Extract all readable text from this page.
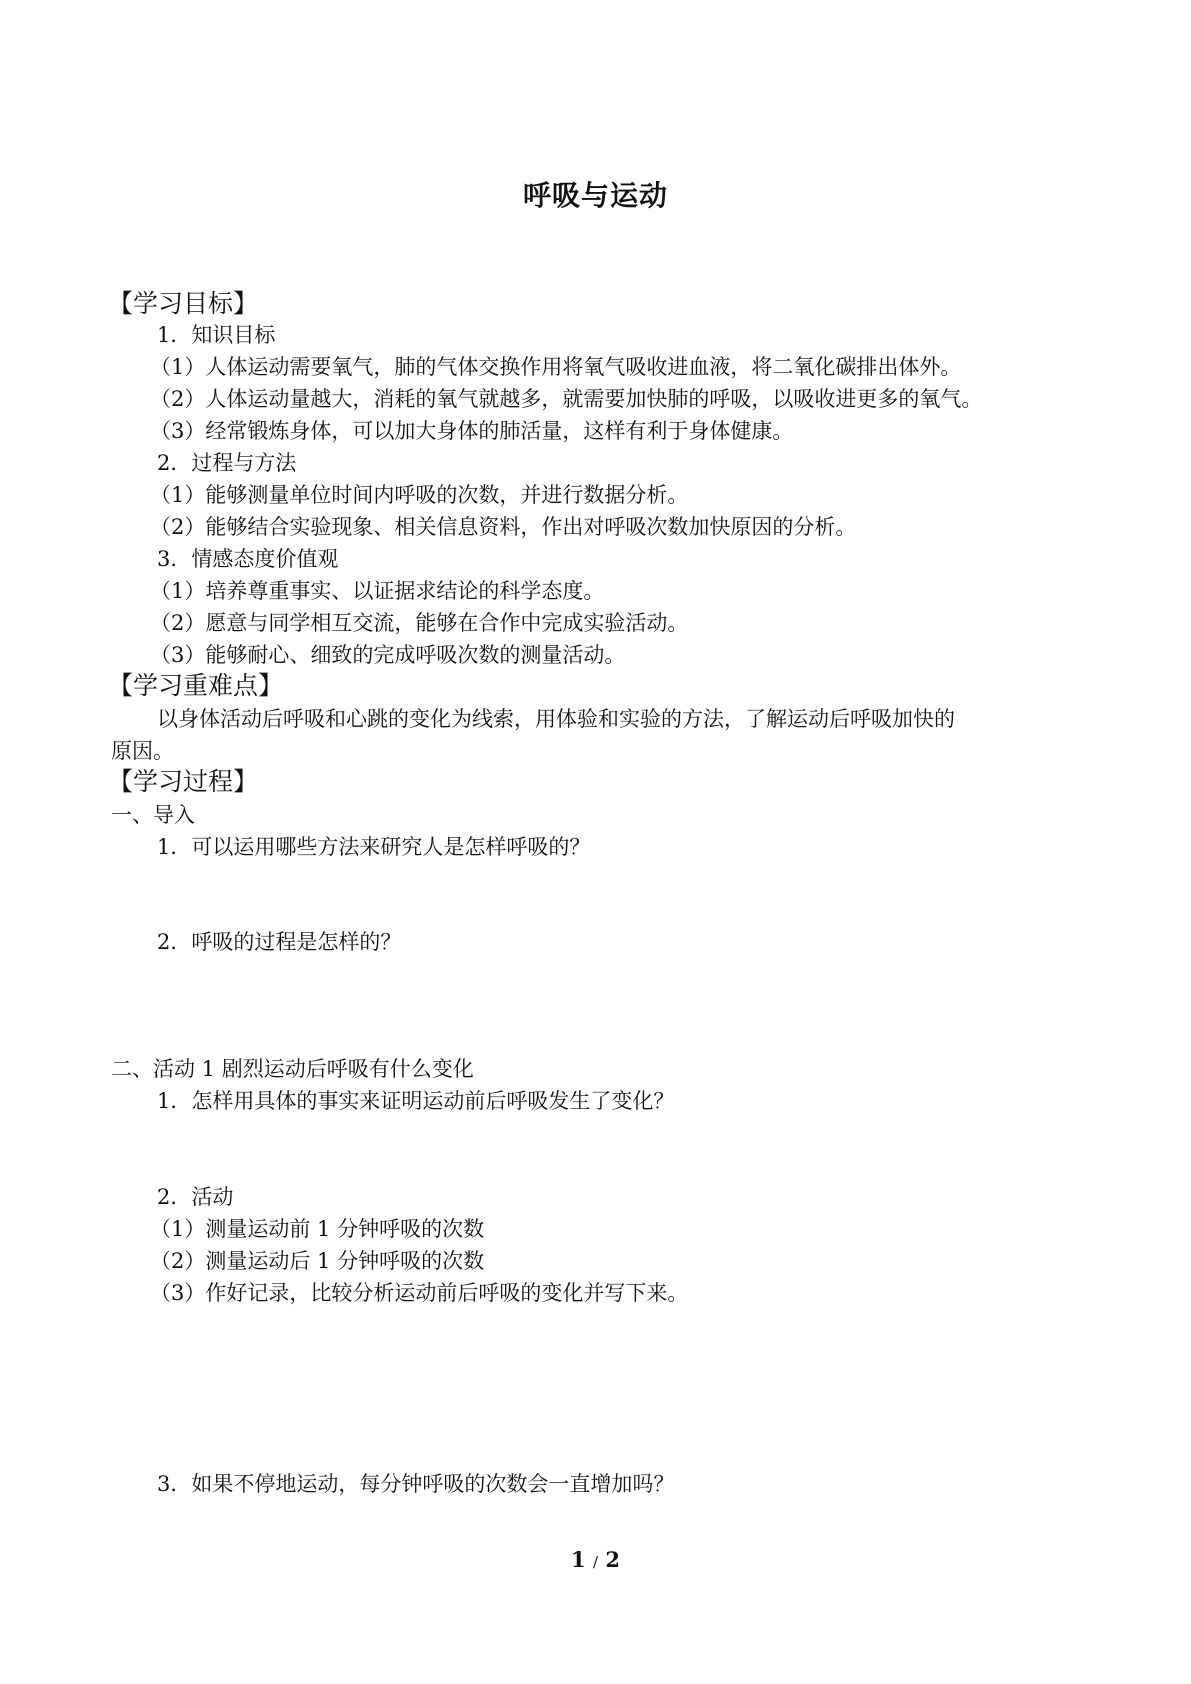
呼吸与运动
【学习目标】
1．知识目标
（1）人体运动需要氧气，肺的气体交换作用将氧气吸收进血液，将二氧化碳排出体外。
（2）人体运动量越大，消耗的氧气就越多，就需要加快肺的呼吸，以吸收进更多的氧气。
（3）经常锻炼身体，可以加大身体的肺活量，这样有利于身体健康。
2．过程与方法
（1）能够测量单位时间内呼吸的次数，并进行数据分析。
（2）能够结合实验现象、相关信息资料，作出对呼吸次数加快原因的分析。
3．情感态度价值观
（1）培养尊重事实、以证据求结论的科学态度。
（2）愿意与同学相互交流，能够在合作中完成实验活动。
（3）能够耐心、细致的完成呼吸次数的测量活动。
【学习重难点】
以身体活动后呼吸和心跳的变化为线索，用体验和实验的方法，了解运动后呼吸加快的
原因。
【学习过程】
一、导入
1．可以运用哪些方法来研究人是怎样呼吸的？
2．呼吸的过程是怎样的？
二、活动 1 剧烈运动后呼吸有什么变化
1．怎样用具体的事实来证明运动前后呼吸发生了变化？
2．活动
（1）测量运动前 1 分钟呼吸的次数
（2）测量运动后 1 分钟呼吸的次数
（3）作好记录，比较分析运动前后呼吸的变化并写下来。
3．如果不停地运动，每分钟呼吸的次数会一直增加吗？
1 / 2
